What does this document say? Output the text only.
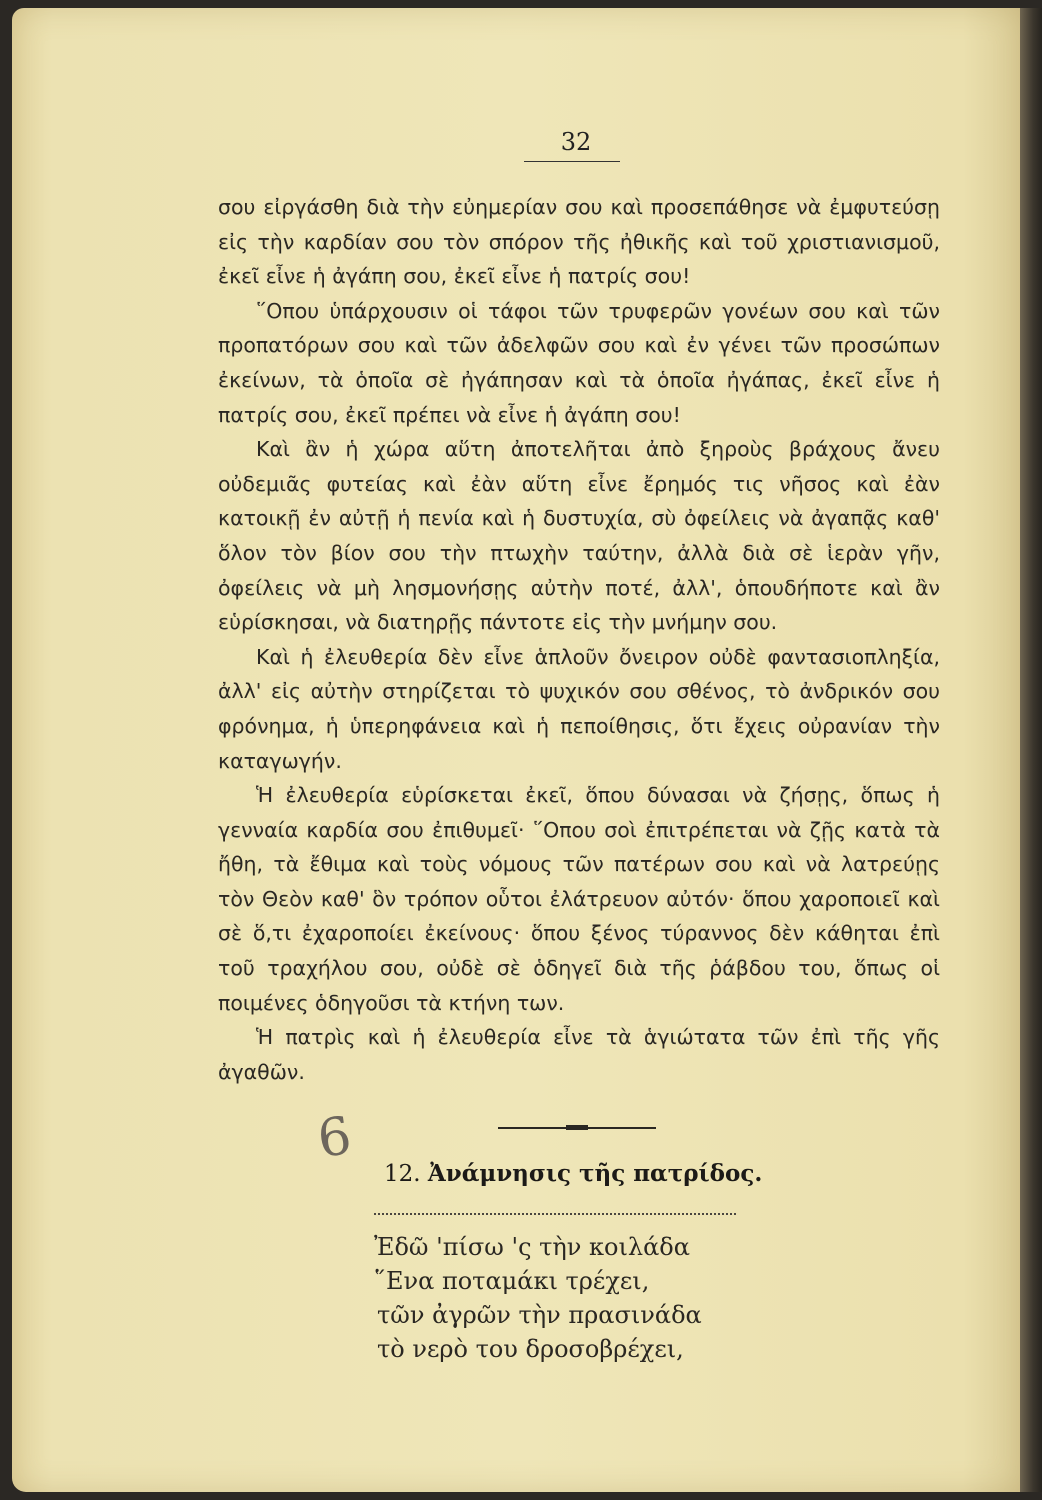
32

σου εἰργάσθη διὰ τὴν εὐημερίαν σου καὶ προσεπάθησε νὰ ἐμφυτεύσῃ εἰς τὴν καρδίαν σου τὸν σπόρον τῆς ἠθικῆς καὶ τοῦ χριστιανισμοῦ, ἐκεῖ εἶνε ἡ ἀγάπη σου, ἐκεῖ εἶνε ἡ πατρίς σου!

῞Οπου ὑπάρχουσιν οἱ τάφοι τῶν τρυφερῶν γονέων σου καὶ τῶν προπατόρων σου καὶ τῶν ἀδελφῶν σου καὶ ἐν γένει τῶν προσώπων ἐκείνων, τὰ ὁποῖα σὲ ἠγάπησαν καὶ τὰ ὁποῖα ἠγάπας, ἐκεῖ εἶνε ἡ πατρίς σου, ἐκεῖ πρέπει νὰ εἶνε ἡ ἀγάπη σου!

Καὶ ἂν ἡ χώρα αὕτη ἀποτελῆται ἀπὸ ξηροὺς βράχους ἄνευ οὐδεμιᾶς φυτείας καὶ ἐὰν αὕτη εἶνε ἔρημός τις νῆσος καὶ ἐὰν κατοικῇ ἐν αὐτῇ ἡ πενία καὶ ἡ δυστυχία, σὺ ὀφείλεις νὰ ἀγαπᾷς καθ' ὅλον τὸν βίον σου τὴν πτωχὴν ταύτην, ἀλλὰ διὰ σὲ ἱερὰν γῆν, ὀφείλεις νὰ μὴ λησμονήσῃς αὐτὴν ποτέ, ἀλλ', ὁπουδήποτε καὶ ἂν εὑρίσκησαι, νὰ διατηρῇς πάντοτε εἰς τὴν μνήμην σου.

Καὶ ἡ ἐλευθερία δὲν εἶνε ἁπλοῦν ὄνειρον οὐδὲ φαντασιοπληξία, ἀλλ' εἰς αὐτὴν στηρίζεται τὸ ψυχικόν σου σθένος, τὸ ἀνδρικόν σου φρόνημα, ἡ ὑπερηφάνεια καὶ ἡ πεποίθησις, ὅτι ἔχεις οὐρανίαν τὴν καταγωγήν.

Ἡ ἐλευθερία εὑρίσκεται ἐκεῖ, ὅπου δύνασαι νὰ ζήσῃς, ὅπως ἡ γενναία καρδία σου ἐπιθυμεῖ· ῞Οπου σοὶ ἐπιτρέπεται νὰ ζῇς κατὰ τὰ ἤθη, τὰ ἔθιμα καὶ τοὺς νόμους τῶν πατέρων σου καὶ νὰ λατρεύῃς τὸν Θεὸν καθ' ὃν τρόπον οὗτοι ἐλάτρευον αὐτόν· ὅπου χαροποιεῖ καὶ σὲ ὅ,τι ἐχαροποίει ἐκείνους· ὅπου ξένος τύραννος δὲν κάθηται ἐπὶ τοῦ τραχήλου σου, οὐδὲ σὲ ὁδηγεῖ διὰ τῆς ῥάβδου του, ὅπως οἱ ποιμένες ὁδηγοῦσι τὰ κτήνη των.

Ἡ πατρὶς καὶ ἡ ἐλευθερία εἶνε τὰ ἁγιώτατα τῶν ἐπὶ τῆς γῆς ἀγαθῶν.

6
12. Ἀνάμνησις τῆς πατρίδος.
Ἐδῶ 'πίσω 'ς τὴν κοιλάδα
῞Ενα ποταμάκι τρέχει,
τῶν ἀγρῶν τὴν πρασινάδα
τὸ νερὸ του δροσοβρέχει,
